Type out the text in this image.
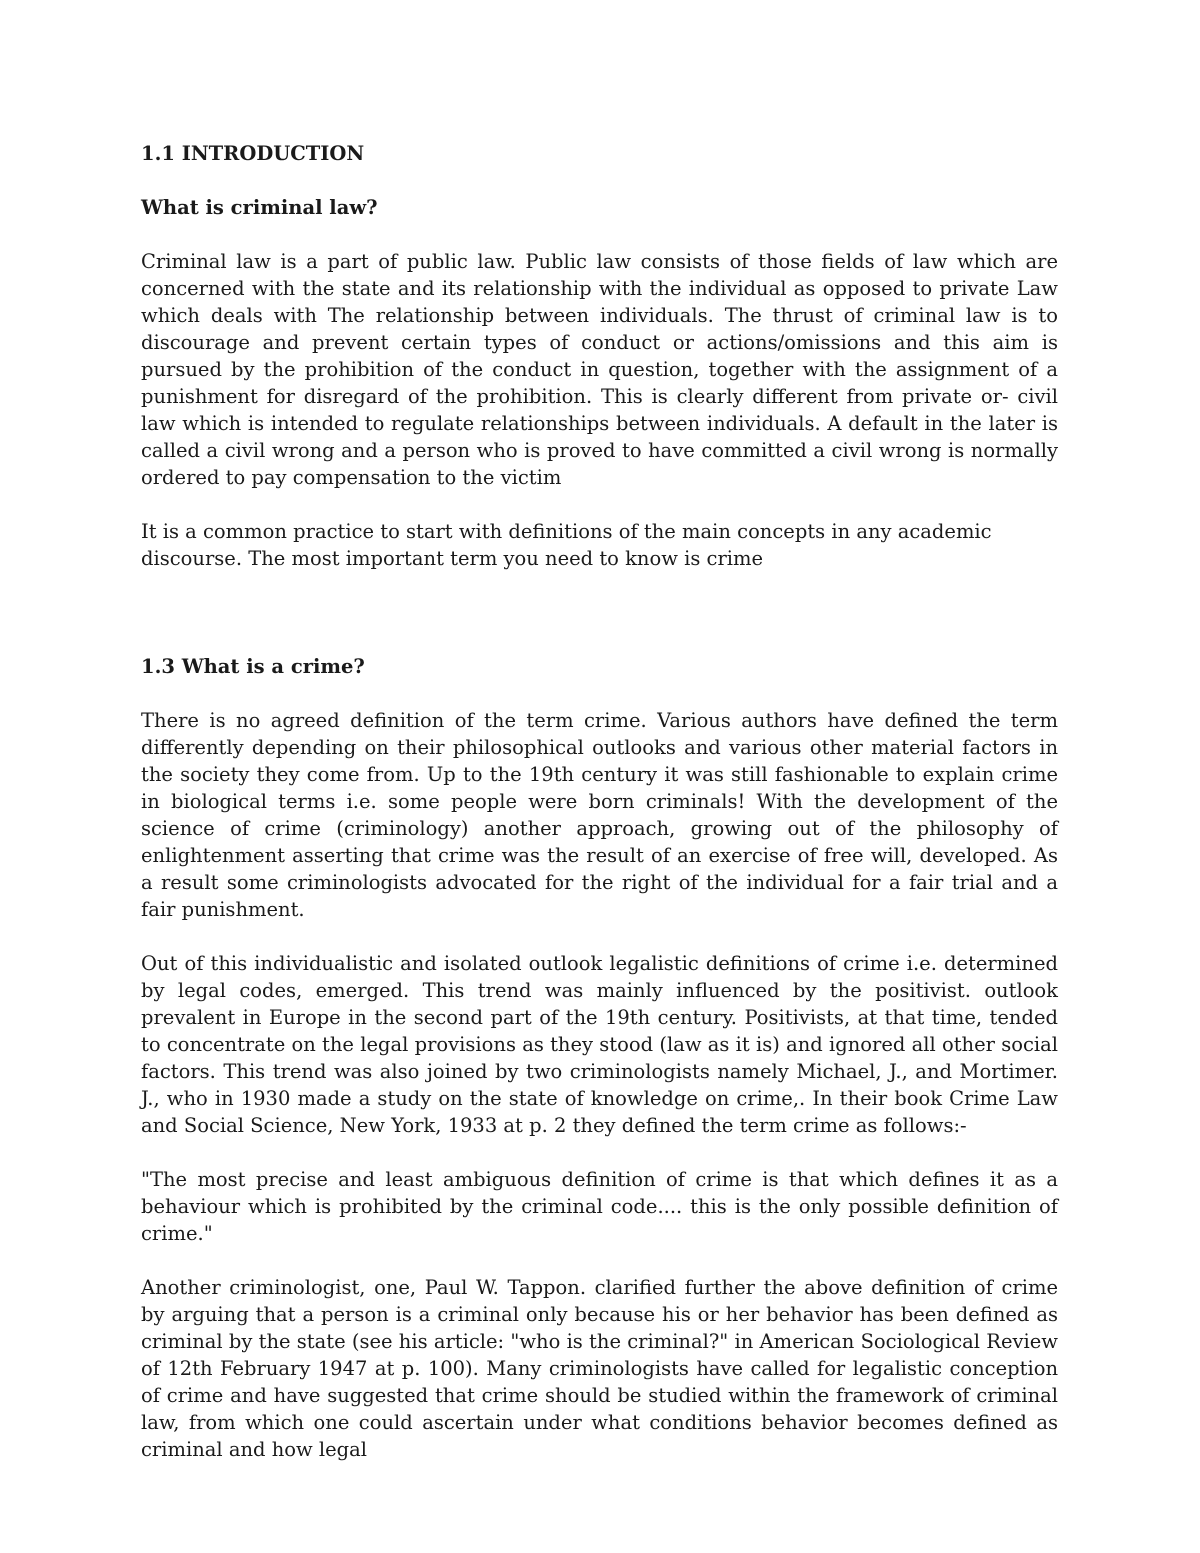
1.1 INTRODUCTION

What is criminal law?

Criminal law is a part of public law. Public law consists of those fields of law which are concerned with the state and its relationship with the individual as opposed to private Law which deals with The relationship between individuals. The thrust of criminal law is to discourage and prevent certain types of conduct or actions/omissions and this aim is pursued by the prohibition of the conduct in question, together with the assignment of a punishment for disregard of the prohibition. This is clearly different from private or- civil law which is intended to regulate relationships between individuals. A default in the later is called a civil wrong and a person who is proved to have committed a civil wrong is normally ordered to pay compensation to the victim

It is a common practice to start with definitions of the main concepts in any academic discourse. The most important term you need to know is crime

1.3 What is a crime?

There is no agreed definition of the term crime. Various authors have defined the term differently depending on their philosophical outlooks and various other material factors in the society they come from. Up to the 19th century it was still fashionable to explain crime in biological terms i.e. some people were born criminals! With the development of the science of crime (criminology) another approach, growing out of the philosophy of enlightenment asserting that crime was the result of an exercise of free will, developed. As a result some criminologists advocated for the right of the individual for a fair trial and a fair punishment.

Out of this individualistic and isolated outlook legalistic definitions of crime i.e. determined by legal codes, emerged. This trend was mainly influenced by the positivist. outlook prevalent in Europe in the second part of the 19th century. Positivists, at that time, tended to concentrate on the legal provisions as they stood (law as it is) and ignored all other social factors. This trend was also joined by two criminologists namely Michael, J., and Mortimer. J., who in 1930 made a study on the state of knowledge on crime,. In their book Crime Law and Social Science, New York, 1933 at p. 2 they defined the term crime as follows:-

"The most precise and least ambiguous definition of crime is that which defines it as a behaviour which is prohibited by the criminal code.... this is the only possible definition of crime."

Another criminologist, one, Paul W. Tappon. clarified further the above definition of crime by arguing that a person is a criminal only because his or her behavior has been defined as criminal by the state (see his article: "who is the criminal?" in American Sociological Review of 12th February 1947 at p. 100). Many criminologists have called for legalistic conception of crime and have suggested that crime should be studied within the framework of criminal law, from which one could ascertain under what conditions behavior becomes defined as criminal and how legal
